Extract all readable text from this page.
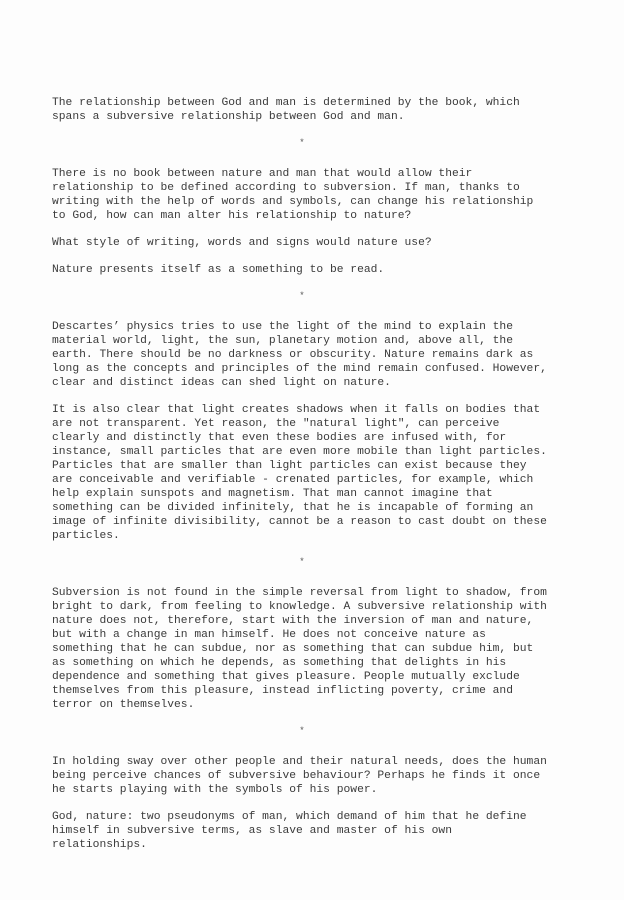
The relationship between God and man is determined by the book, which spans a subversive relationship between God and man.

*

There is no book between nature and man that would allow their relationship to be defined according to subversion. If man, thanks to writing with the help of words and symbols, can change his relationship to God, how can man alter his relationship to nature?

What style of writing, words and signs would nature use?

Nature presents itself as a something to be read.

*

Descartes’ physics tries to use the light of the mind to explain the material world, light, the sun, planetary motion and, above all, the earth. There should be no darkness or obscurity. Nature remains dark as long as the concepts and principles of the mind remain confused. However, clear and distinct ideas can shed light on nature.

It is also clear that light creates shadows when it falls on bodies that are not transparent. Yet reason, the "natural light", can perceive clearly and distinctly that even these bodies are infused with, for instance, small particles that are even more mobile than light particles. Particles that are smaller than light particles can exist because they are conceivable and verifiable - crenated particles, for example, which help explain sunspots and magnetism. That man cannot imagine that something can be divided infinitely, that he is incapable of forming an image of infinite divisibility, cannot be a reason to cast doubt on these particles.

*

Subversion is not found in the simple reversal from light to shadow, from bright to dark, from feeling to knowledge. A subversive relationship with nature does not, therefore, start with the inversion of man and nature, but with a change in man himself. He does not conceive nature as something that he can subdue, nor as something that can subdue him, but as something on which he depends, as something that delights in his dependence and something that gives pleasure. People mutually exclude themselves from this pleasure, instead inflicting poverty, crime and terror on themselves.

*

In holding sway over other people and their natural needs, does the human being perceive chances of subversive behaviour? Perhaps he finds it once he starts playing with the symbols of his power.

God, nature: two pseudonyms of man, which demand of him that he define himself in subversive terms, as slave and master of his own relationships.
